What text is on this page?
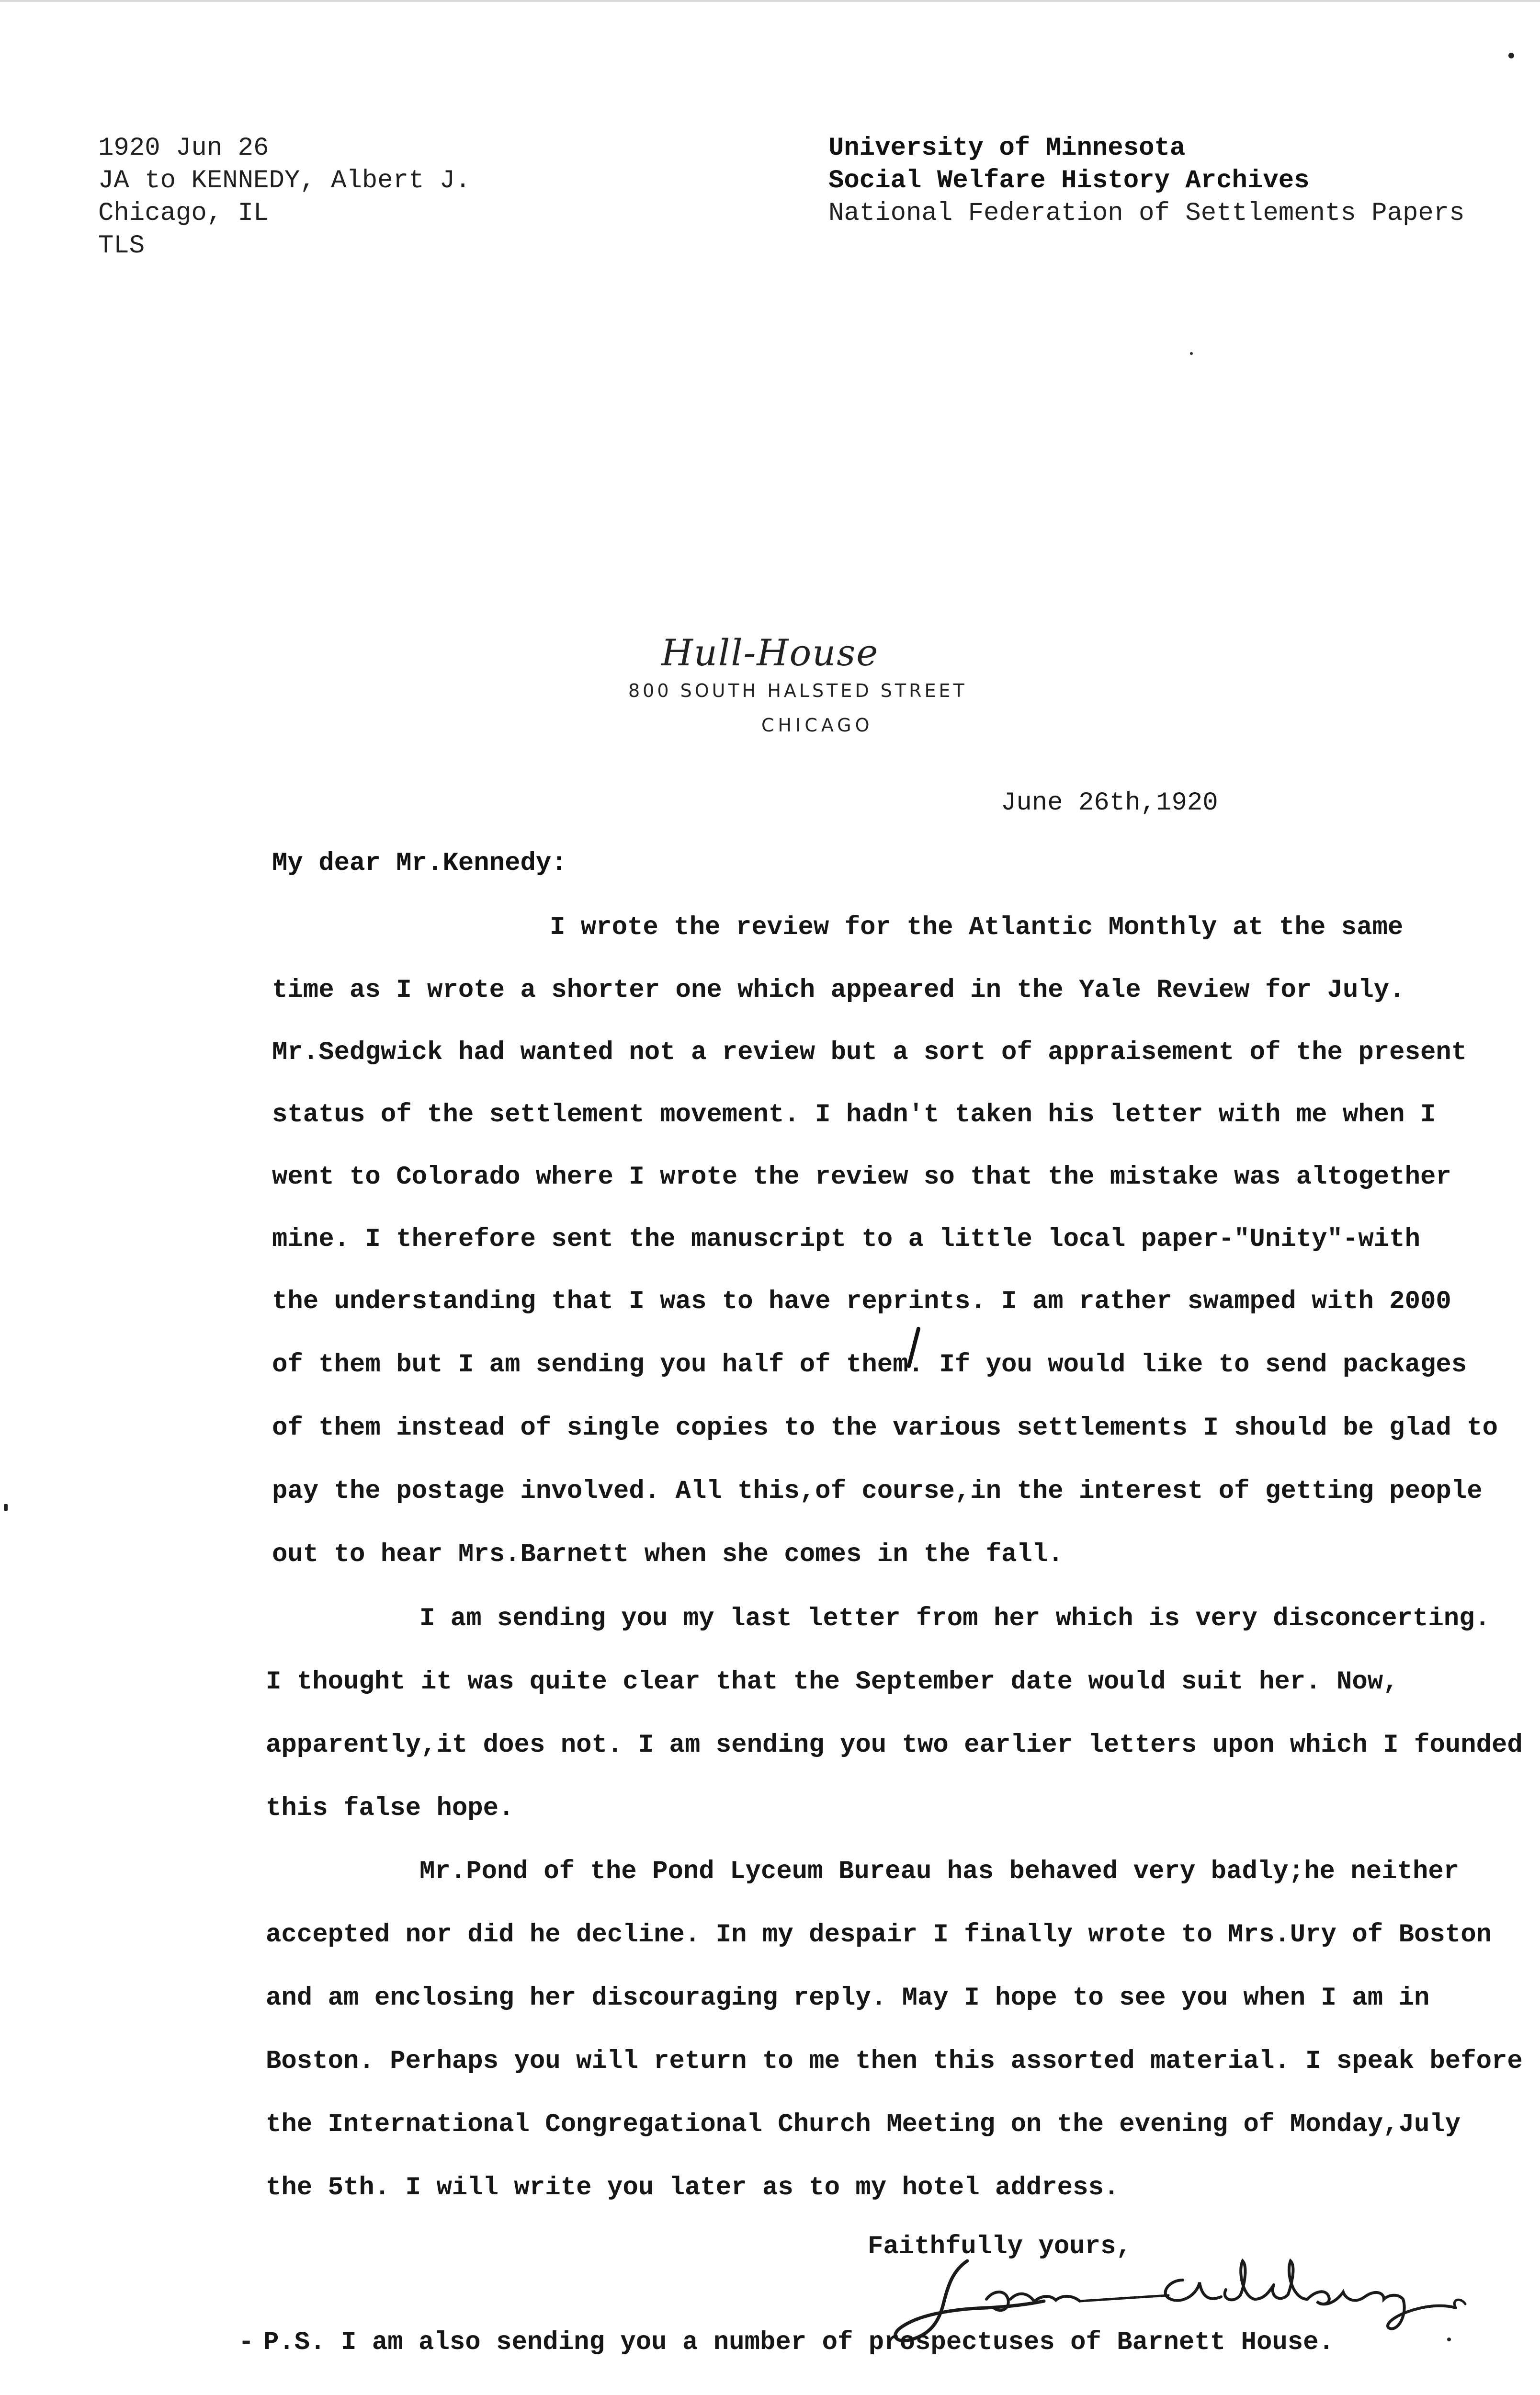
1920 Jun 26
JA to KENNEDY, Albert J.
Chicago, IL
TLS
University of Minnesota
Social Welfare History Archives
National Federation of Settlements Papers
Hull-House
800 SOUTH HALSTED STREET
CHICAGO
June 26th,1920
My dear Mr.Kennedy:
I wrote the review for the Atlantic Monthly at the same
time as I wrote a shorter one which appeared in the Yale Review for July.
Mr.Sedgwick had wanted not a review but a sort of appraisement of the present
status of the settlement movement. I hadn't taken his letter with me when I
went to Colorado where I wrote the review so that the mistake was altogether
mine. I therefore sent the manuscript to a little local paper-"Unity"-with
the understanding that I was to have reprints. I am rather swamped with 2000
of them but I am sending you half of them. If you would like to send packages
of them instead of single copies to the various settlements I should be glad to
pay the postage involved. All this,of course,in the interest of getting people
out to hear Mrs.Barnett when she comes in the fall.
I am sending you my last letter from her which is very disconcerting.
I thought it was quite clear that the September date would suit her. Now,
apparently,it does not. I am sending you two earlier letters upon which I founded
this false hope.
Mr.Pond of the Pond Lyceum Bureau has behaved very badly;he neither
accepted nor did he decline. In my despair I finally wrote to Mrs.Ury of Boston
and am enclosing her discouraging reply. May I hope to see you when I am in
Boston. Perhaps you will return to me then this assorted material. I speak before
the International Congregational Church Meeting on the evening of Monday,July
the 5th. I will write you later as to my hotel address.
Faithfully yours,
- P.S. I am also sending you a number of prospectuses of Barnett House.
